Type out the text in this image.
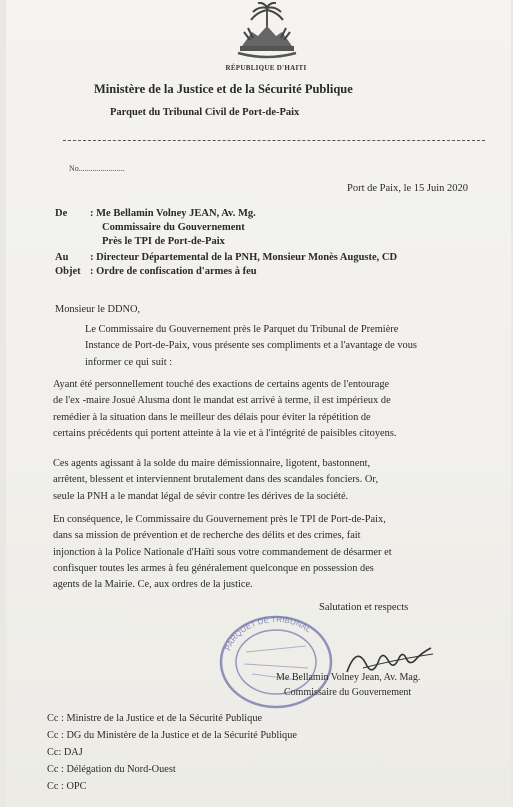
RÉPUBLIQUE D'HAITI
Ministère de la Justice et de la Sécurité Publique
Parquet du Tribunal Civil de Port-de-Paix
No.......................
Port de Paix, le 15 Juin 2020
De : Me Bellamin Volney JEAN, Av. Mg.
Commissaire du Gouvernement
Près le TPI de Port-de-Paix
Au : Directeur Départemental de la PNH, Monsieur Monès Auguste, CD
Objet : Ordre de confiscation d'armes à feu
Monsieur le DDNO,
Le Commissaire du Gouvernement près le Parquet du Tribunal de Première
Instance de Port-de-Paix, vous présente ses compliments et a l'avantage de vous
informer ce qui suit :
Ayant été personnellement touché des exactions de certains agents de l'entourage
de l'ex -maire Josué Alusma dont le mandat est arrivé à terme, il est impérieux de
remédier à la situation dans le meilleur des délais pour éviter la répétition de
certains précédents qui portent atteinte à la vie et à l'intégrité de paisibles citoyens.
Ces agents agissant à la solde du maire démissionnaire, ligotent, bastonnent,
arrêtent, blessent et interviennent brutalement dans des scandales fonciers. Or,
seule la PNH a le mandat légal de sévir contre les dérives de la société.
En conséquence, le Commissaire du Gouvernement près le TPI de Port-de-Paix,
dans sa mission de prévention et de recherche des délits et des crimes, fait
injonction à la Police Nationale d'Haïti sous votre commandement de désarmer et
confisquer toutes les armes à feu généralement quelconque en possession des
agents de la Mairie. Ce, aux ordres de la justice.
Salutation et respects
PARQUET DE TRIBUNAL
Me Bellamin Volney Jean, Av. Mag.
Commissaire du Gouvernement
Cc : Ministre de la Justice et de la Sécurité Publique
Cc : DG du Ministère de la Justice et de la Sécurité Publique
Cc: DAJ
Cc : Délégation du Nord-Ouest
Cc : OPC
